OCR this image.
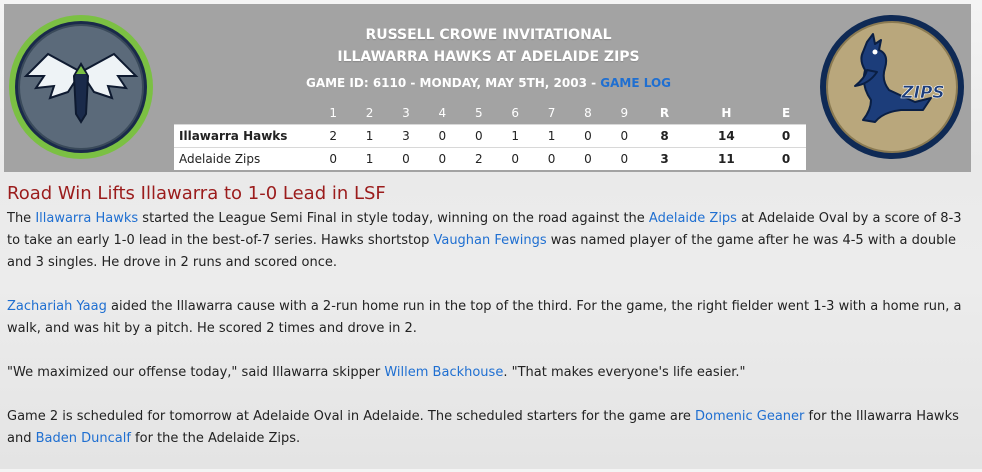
RUSSELL CROWE INVITATIONAL
ILLAWARRA HAWKS AT ADELAIDE ZIPS
GAME ID: 6110 - MONDAY, MAY 5TH, 2003 - GAME LOG
	1	2	3	4	5	6	7	8	9	R	H	E
Illawarra Hawks	2	1	3	0	0	1	1	0	0	8	14	0
Adelaide Zips	0	1	0	0	2	0	0	0	0	3	11	0
ZIPS
Road Win Lifts Illawarra to 1-0 Lead in LSF

The Illawarra Hawks started the League Semi Final in style today, winning on the road against the Adelaide Zips at Adelaide Oval by a score of 8-3 to take an early 1-0 lead in the best-of-7 series. Hawks shortstop Vaughan Fewings was named player of the game after he was 4-5 with a double and 3 singles. He drove in 2 runs and scored once.

Zachariah Yaag aided the Illawarra cause with a 2-run home run in the top of the third. For the game, the right fielder went 1-3 with a home run, a walk, and was hit by a pitch. He scored 2 times and drove in 2.

"We maximized our offense today," said Illawarra skipper Willem Backhouse. "That makes everyone's life easier."

Game 2 is scheduled for tomorrow at Adelaide Oval in Adelaide. The scheduled starters for the game are Domenic Geaner for the Illawarra Hawks and Baden Duncalf for the the Adelaide Zips.
